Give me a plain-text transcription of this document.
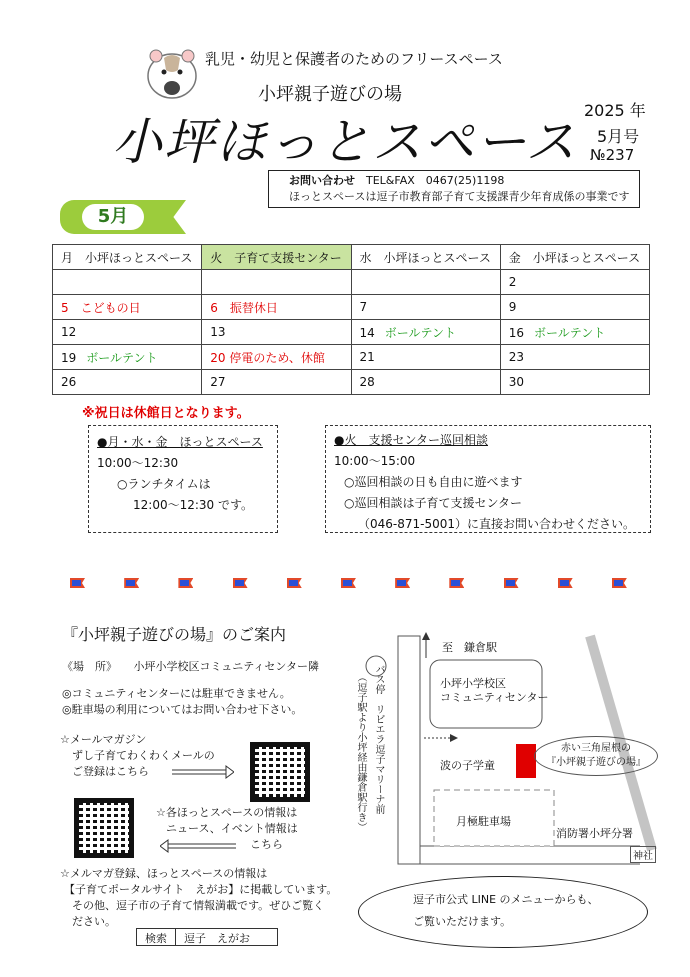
乳児・幼児と保護者のためのフリースペース
小坪親子遊びの場
小坪ほっとスペース
2025 年
5月号
№237
お問い合わせ　 TEL&FAX　0467(25)1198
ほっとスペースは逗子市教育部子育て支援課青少年育成係の事業です
5月
月　小坪ほっとスペース	火　子育て支援センター	水　小坪ほっとスペース	金　小坪ほっとスペース
			2
5　こどもの日	6　振替休日	7	9
12	13	14 ボールテント	16 ボールテント
19 ボールテント	20 停電のため、休館	21	23
26	27	28	30
※祝日は休館日となります。
●月・水・金　ほっとスペース
10:00～12:30
○ランチタイムは
12:00～12:30 です。
●火　支援センター巡回相談
10:00～15:00
○巡回相談の日も自由に遊べます
○巡回相談は子育て支援センター
（046-871-5001）に直接お問い合わせください。
『小坪親子遊びの場』のご案内
《場　所》　　 小坪小学校区コミュニティセンター隣
◎コミュニティセンターには駐車できません。
◎駐車場の利用についてはお問い合わせ下さい。
☆メールマガジン
ずし子育てわくわくメールの
ご登録はこちら
☆各ほっとスペースの情報は
ニュース、イベント情報は
こちら
☆メルマガ登録、ほっとスペースの情報は
【子育てポータルサイト　えがお】に掲載しています。
その他、逗子市の子育て情報満載です。ぜひご覧く
ださい。
検索	逗子　えがお
至　鎌倉駅
（逗子駅より小坪経由鎌倉駅行き） バス停　リビエラ逗子マリーナ前	小坪小学校区
コミュニティセンター
波の子学童
月極駐車場
消防署小坪分署
神社
赤い三角屋根の
『小坪親子遊びの場』
逗子市公式 LINE のメニューからも、
ご覧いただけます。
